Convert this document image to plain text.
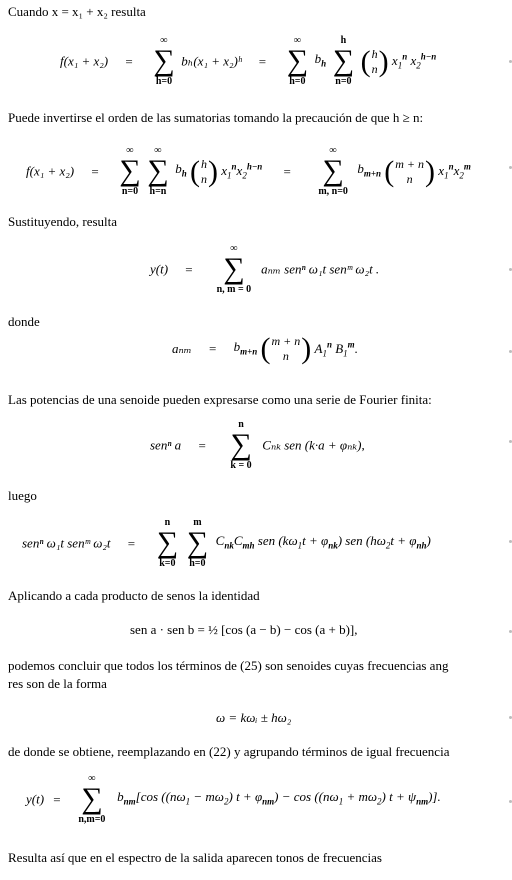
Cuando x = x₁ + x₂ resulta
f(x₁ + x₂) =
∞
∑
h=0
bₕ(x₁ + x₂)ʰ =
∞
∑
h=0
$b_h$
h
∑
n=0

( h
n ) $x_1^n$ $x_2^{h-n}$
Puede invertirse el orden de las sumatorias tomando la precaución de que h ≥ n:
f(x₁ + x₂) =
∞
∑
n=0
∞
∑
h=n
$b_h$ ( h
n ) $x_1^nx_2^{h-n}$ =
∞
∑
m, n=0
$b_{m+n}$ ( m + n
n ) $x_1^nx_2^m$
Sustituyendo, resulta
y(t) =
∞
∑
n, m = 0
aₙₘ senⁿ ω₁t senᵐ ω₂t .
donde
$a_{nm} = b_{m+n}$ ( m + n
n ) $A_1^n$ $B_1^m$.
Las potencias de una senoide pueden expresarse como una serie de Fourier finita:
senⁿ a =
n
∑
k = 0
Cₙₖ sen (k·a + φₙₖ),
luego
senⁿ ω₁t senᵐ ω₂t =
n
∑
k=0
m
∑
h=0
$C_{nk}C_{mh}$ sen $(k\omega_1t + \varphi_{nk})$ sen $(h\omega_2t + \varphi_{nh})$
Aplicando a cada producto de senos la identidad
sen a · sen b = ½ [cos (a − b) − cos (a + b)],
podemos concluir que todos los términos de (25) son senoides cuyas frecuencias ang
res son de la forma
ω = kωᵢ ± hω₂
de donde se obtiene, reemplazando en (22) y agrupando términos de igual frecuencia
y(t) =
∞
∑
n,m=0
$b_{nm}[\cos$ $((n\omega_1 - m\omega_2) t + \varphi_{nm}) - \cos ((n\omega_1 + m\omega_2) t + \psi_{nm})$].
Resulta así que en el espectro de la salida aparecen tonos de frecuencias
